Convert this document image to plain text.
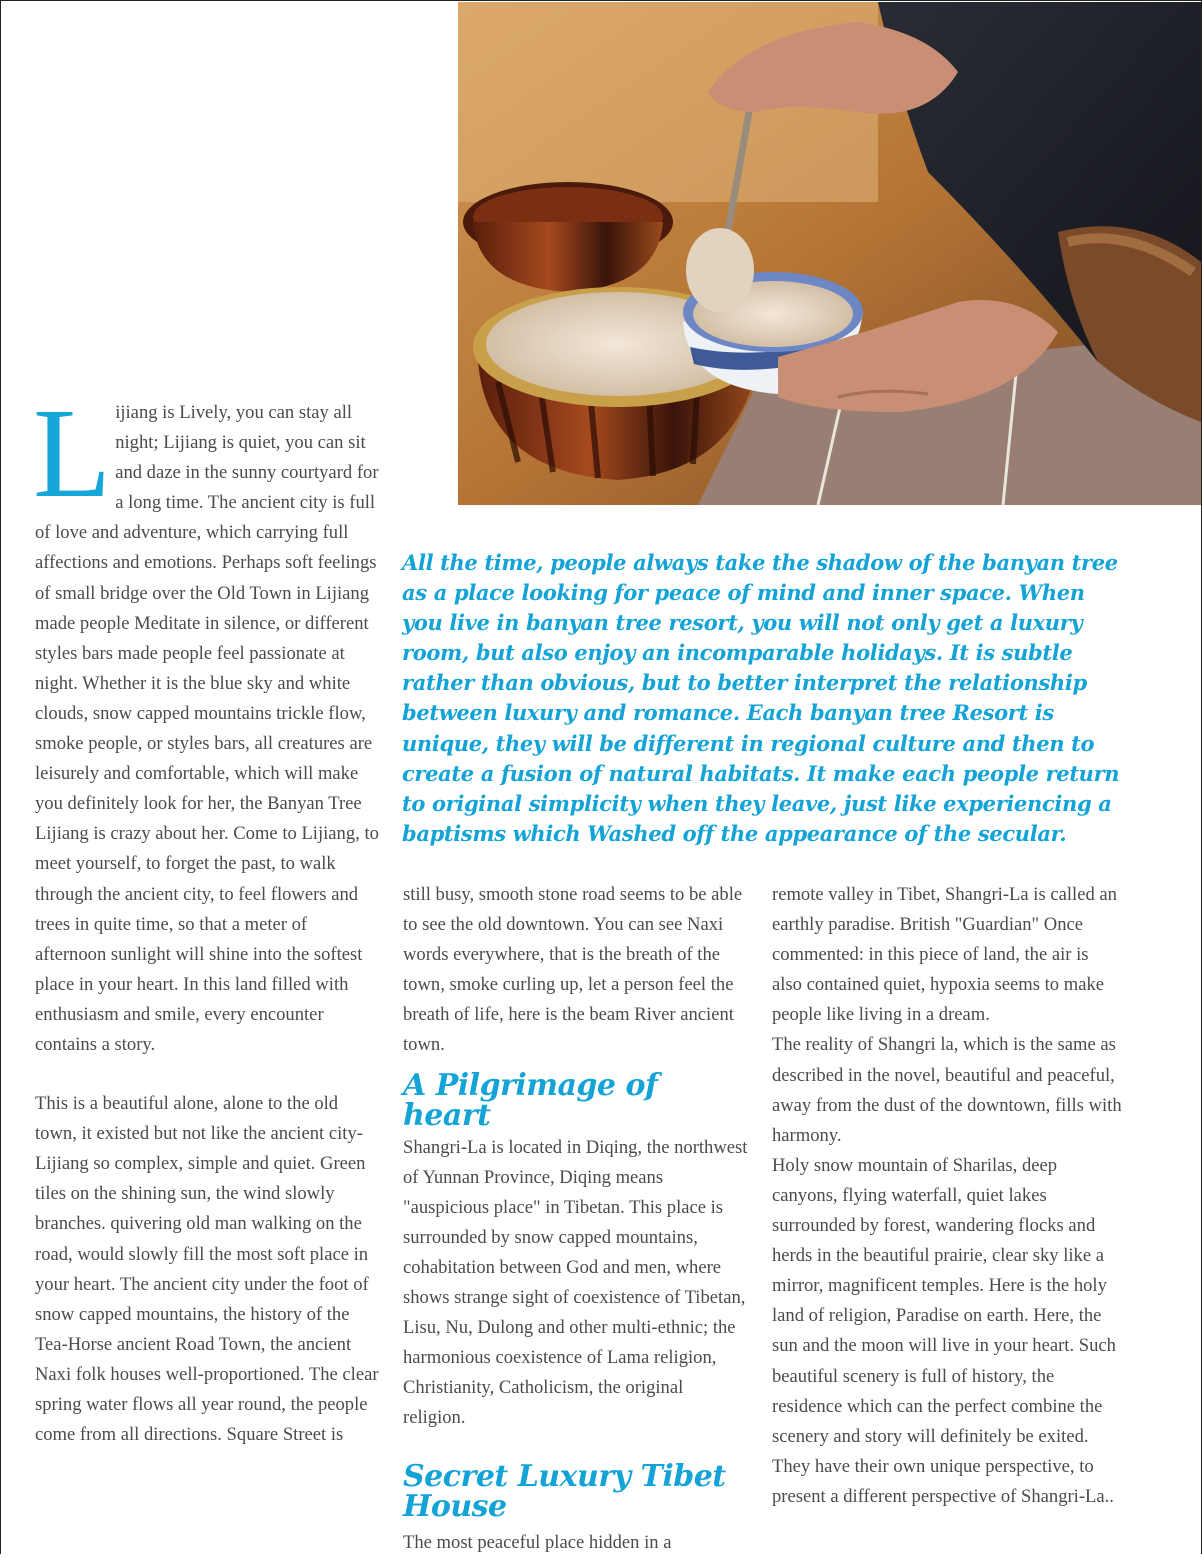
Lijiang is Lively, you can stay all night; Lijiang is quiet, you can sit and daze in the sunny courtyard for a long time. The ancient city is full of love and adventure, which carrying full affections and emotions. Perhaps soft feelings of small bridge over the Old Town in Lijiang made people Meditate in silence, or different styles bars made people feel passionate at night. Whether it is the blue sky and white clouds, snow capped mountains trickle flow, smoke people, or styles bars, all creatures are leisurely and comfortable, which will make you definitely look for her, the Banyan Tree Lijiang is crazy about her. Come to Lijiang, to meet yourself, to forget the past, to walk through the ancient city, to feel flowers and trees in quite time, so that a meter of afternoon sunlight will shine into the softest place in your heart. In this land filled with enthusiasm and smile, every encounter contains a story.

This is a beautiful alone, alone to the old town, it existed but not like the ancient city-Lijiang so complex, simple and quiet. Green tiles on the shining sun, the wind slowly branches. quivering old man walking on the road, would slowly fill the most soft place in your heart. The ancient city under the foot of snow capped mountains, the history of the Tea-Horse ancient Road Town, the ancient Naxi folk houses well-proportioned. The clear spring water flows all year round, the people come from all directions. Square Street is

All the time, people always take the shadow of the banyan tree as a place looking for peace of mind and inner space. When you live in banyan tree resort, you will not only get a luxury room, but also enjoy an incomparable holidays. It is subtle rather than obvious, but to better interpret the relationship between luxury and romance. Each banyan tree Resort is unique, they will be different in regional culture and then to create a fusion of natural habitats. It make each people return to original simplicity when they leave, just like experiencing a baptisms which Washed off the appearance of the secular.

still busy, smooth stone road seems to be able to see the old downtown. You can see Naxi words everywhere, that is the breath of the town, smoke curling up, let a person feel the breath of life, here is the beam River ancient town.

A Pilgrimage of heart

Shangri-La is located in Diqing, the northwest of Yunnan Province, Diqing means "auspicious place" in Tibetan. This place is surrounded by snow capped mountains, cohabitation between God and men, where shows strange sight of coexistence of Tibetan, Lisu, Nu, Dulong and other multi-ethnic; the harmonious coexistence of Lama religion, Christianity, Catholicism, the original religion.

Secret Luxury Tibet House

The most peaceful place hidden in a

remote valley in Tibet, Shangri-La is called an earthly paradise. British "Guardian" Once commented: in this piece of land, the air is also contained quiet, hypoxia seems to make people like living in a dream.

The reality of Shangri la, which is the same as described in the novel, beautiful and peaceful, away from the dust of the downtown, fills with harmony.

Holy snow mountain of Sharilas, deep canyons, flying waterfall, quiet lakes surrounded by forest, wandering flocks and herds in the beautiful prairie, clear sky like a mirror, magnificent temples. Here is the holy land of religion, Paradise on earth. Here, the sun and the moon will live in your heart. Such beautiful scenery is full of history, the residence which can the perfect combine the scenery and story will definitely be exited. They have their own unique perspective, to present a different perspective of Shangri-La..
